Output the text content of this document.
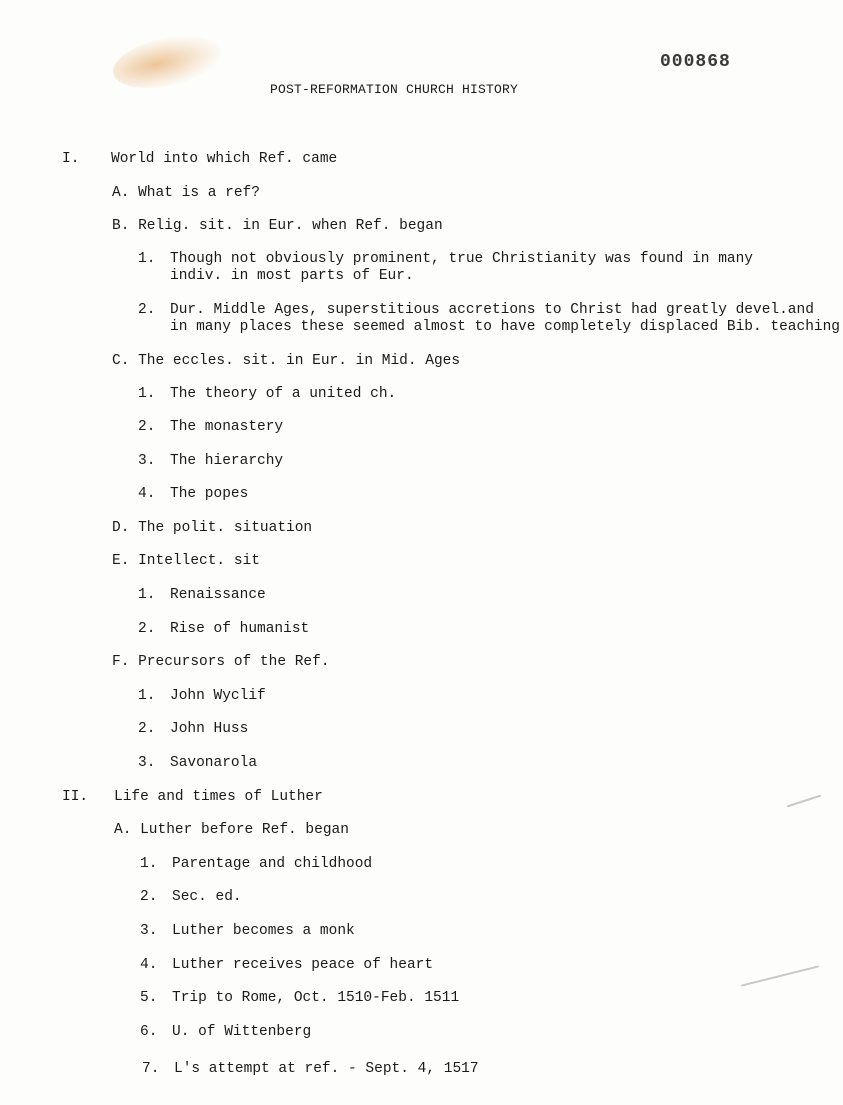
000868
POST-REFORMATION CHURCH HISTORY
I. World into which Ref. came
A. What is a ref?
B. Relig. sit. in Eur. when Ref. began
1. Though not obviously prominent, true Christianity was found in many
indiv. in most parts of Eur.
2. Dur. Middle Ages, superstitious accretions to Christ had greatly devel.and
in many places these seemed almost to have completely displaced Bib. teaching
C. The eccles. sit. in Eur. in Mid. Ages
1. The theory of a united ch.
2. The monastery
3. The hierarchy
4. The popes
D. The polit. situation
E. Intellect. sit
1. Renaissance
2. Rise of humanist
F. Precursors of the Ref.
1. John Wyclif
2. John Huss
3. Savonarola
II. Life and times of Luther
A. Luther before Ref. began
1. Parentage and childhood
2. Sec. ed.
3. Luther becomes a monk
4. Luther receives peace of heart
5. Trip to Rome, Oct. 1510-Feb. 1511
6. U. of Wittenberg
7. L's attempt at ref. - Sept. 4, 1517
